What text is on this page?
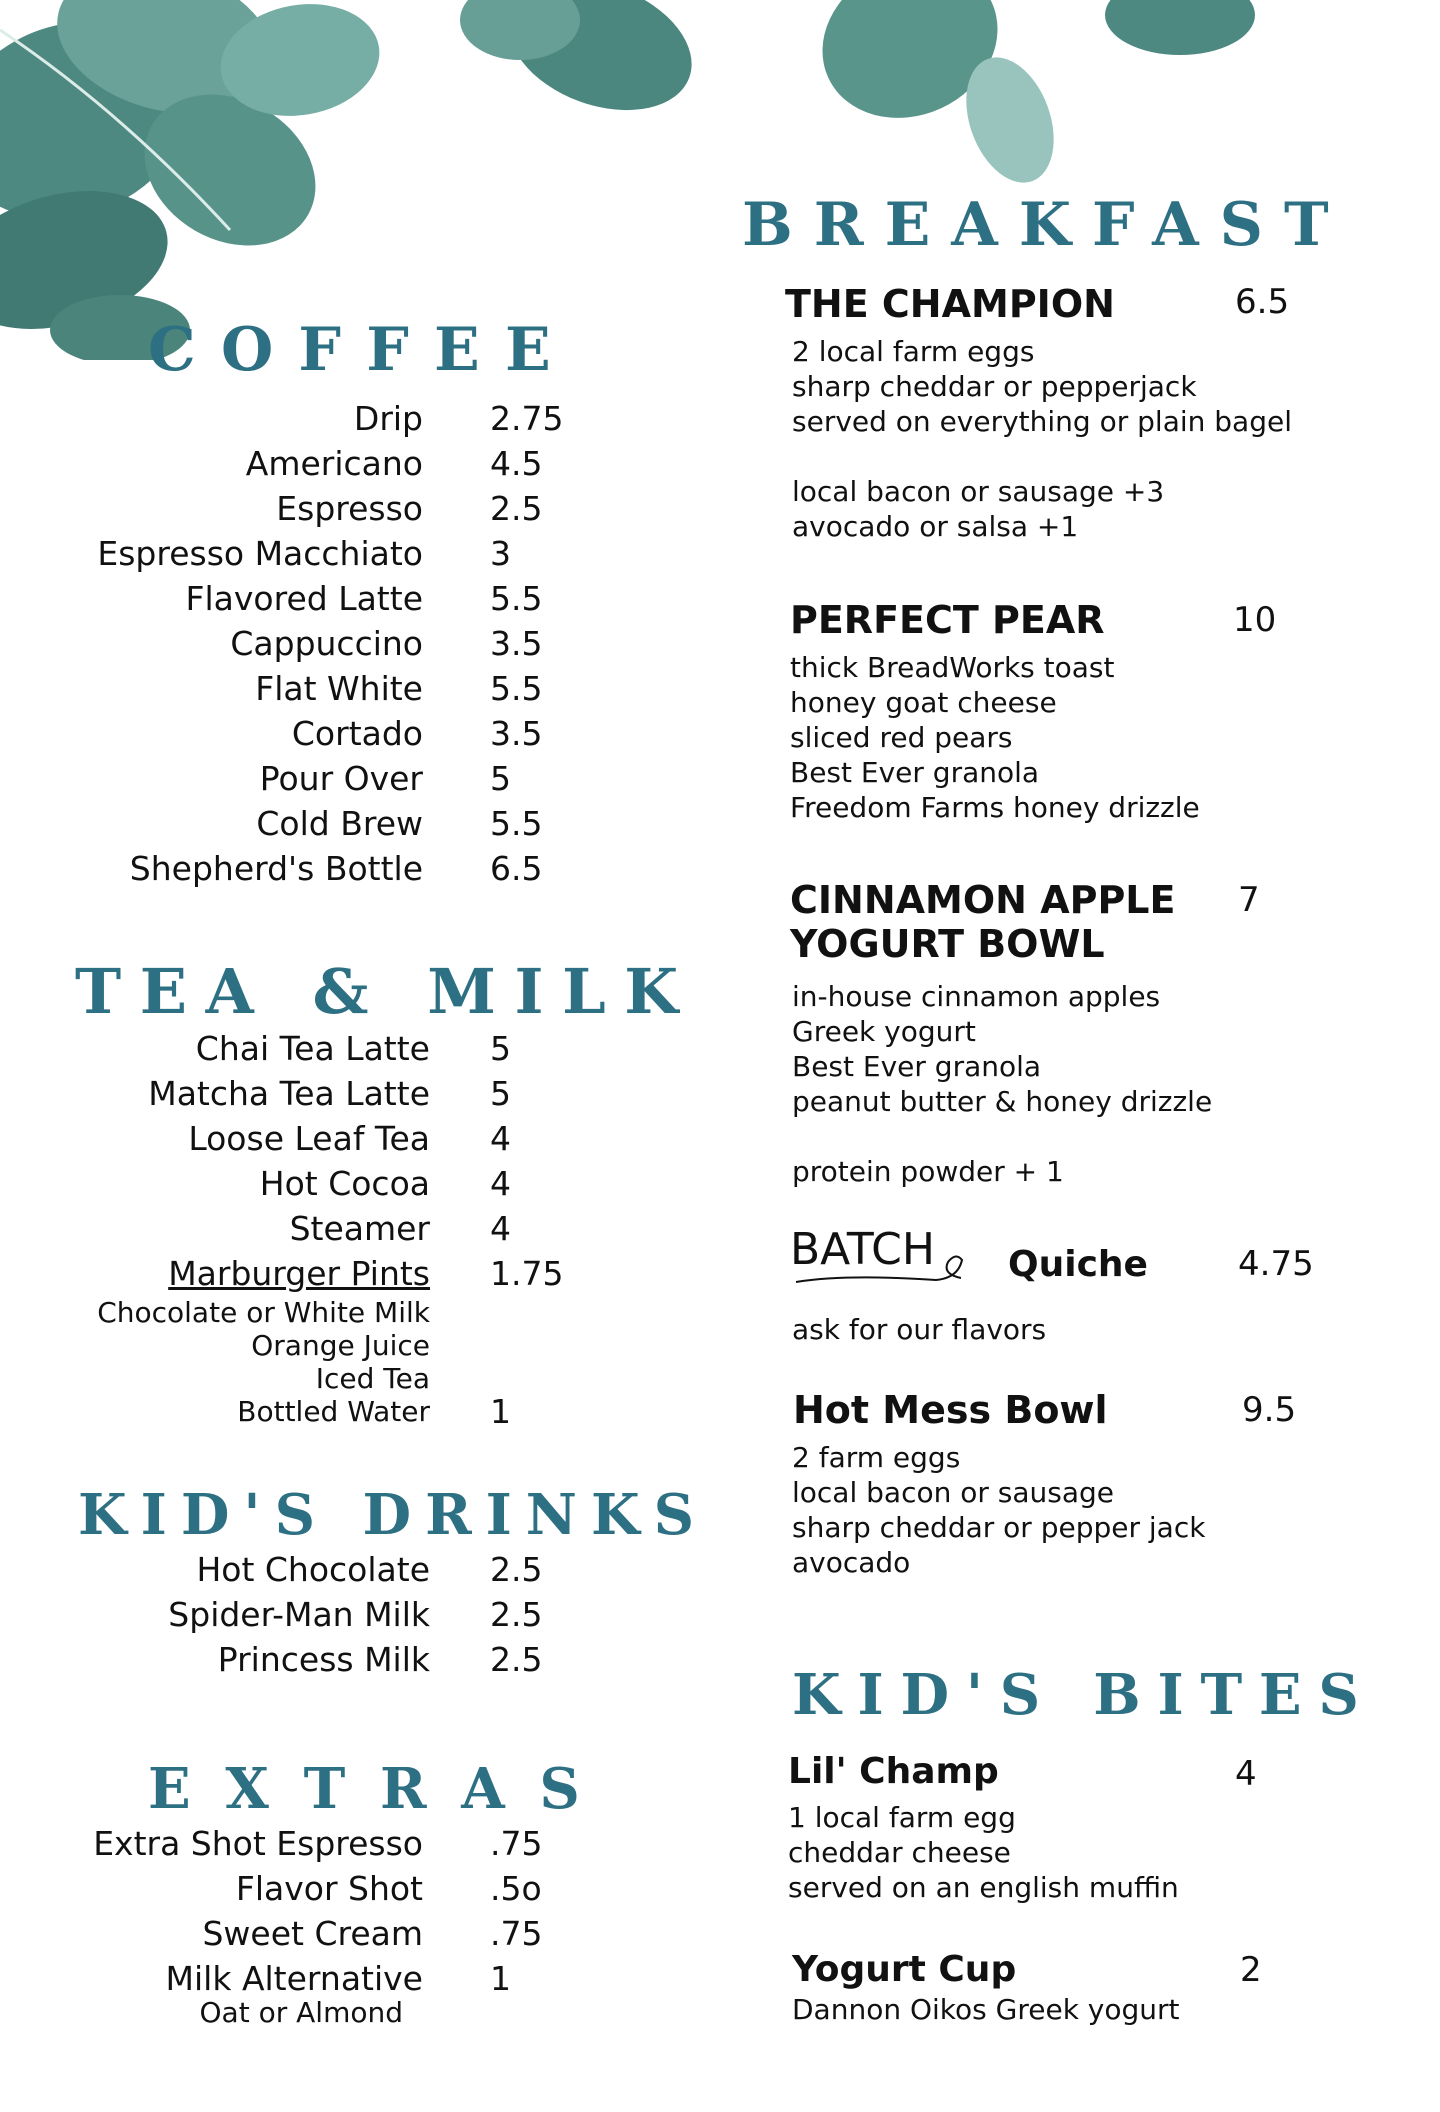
COFFEE
Drip 2.75
Americano 4.5
Espresso 2.5
Espresso Macchiato 3
Flavored Latte 5.5
Cappuccino 3.5
Flat White 5.5
Cortado 3.5
Pour Over 5
Cold Brew 5.5
Shepherd's Bottle 6.5
TEA & MILK
Chai Tea Latte 5
Matcha Tea Latte 5
Loose Leaf Tea 4
Hot Cocoa 4
Steamer 4
Marburger Pints 1.75
Chocolate or White Milk
Orange Juice
Iced Tea
Bottled Water 1
KID'S DRINKS
Hot Chocolate 2.5
Spider-Man Milk 2.5
Princess Milk 2.5
EXTRAS
Extra Shot Espresso .75
Flavor Shot .5o
Sweet Cream .75
Milk Alternative 1
Oat or Almond
BREAKFAST
THE CHAMPION	6.5
2 local farm eggs
sharp cheddar or pepperjack
served on everything or plain bagel
local bacon or sausage +3
avocado or salsa +1
PERFECT PEAR	10
thick BreadWorks toast
honey goat cheese
sliced red pears
Best Ever granola
Freedom Farms honey drizzle
CINNAMON APPLE
YOGURT BOWL
7
in-house cinnamon apples
Greek yogurt
Best Ever granola
peanut butter & honey drizzle
protein powder + 1
BATCH Quiche	4.75
ask for our flavors
Hot Mess Bowl	9.5
2 farm eggs
local bacon or sausage
sharp cheddar or pepper jack
avocado
KID'S BITES
Lil' Champ	4
1 local farm egg
cheddar cheese
served on an english muffin
Yogurt Cup	2
Dannon Oikos Greek yogurt
